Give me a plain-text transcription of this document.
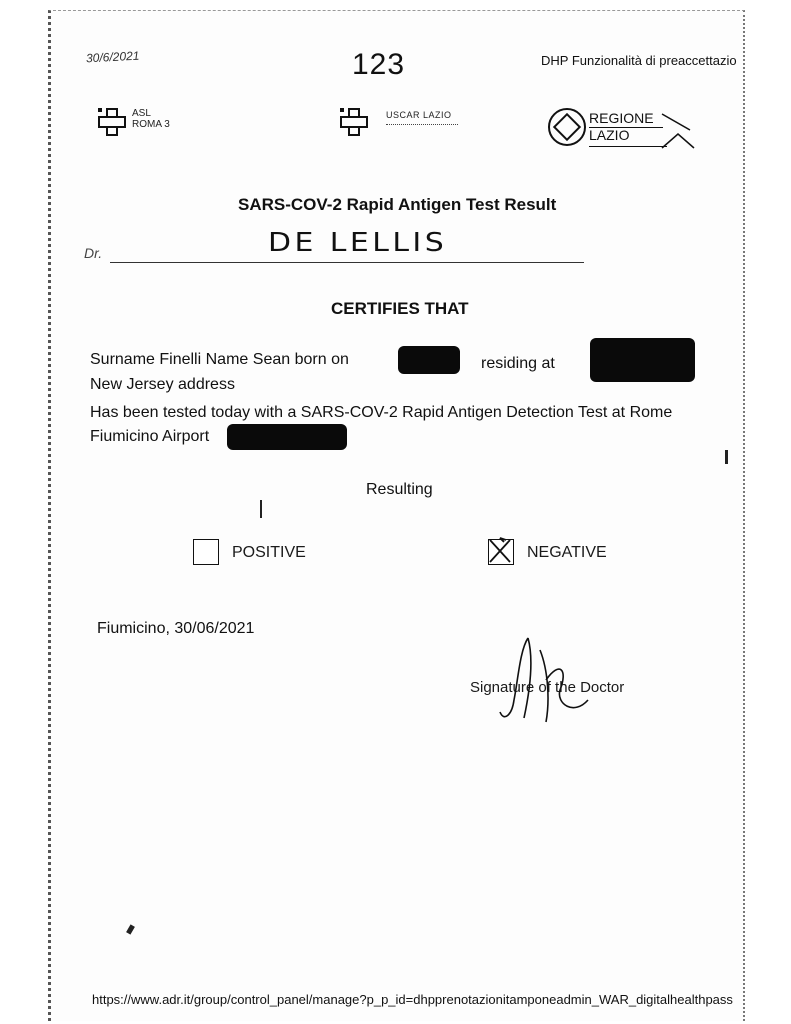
30/6/2021	123	DHP Funzionalità di preaccettazio
ASL
ROMA 3
USCAR LAZIO	REGIONE
LAZIO
SARS-COV-2 Rapid Antigen Test Result
Dr.	DE LELLIS
CERTIFIES THAT
Surname Finelli Name Sean born on	residing at
New Jersey address
Has been tested today with a SARS-COV-2 Rapid Antigen Detection Test at Rome
Fiumicino Airport
Resulting
POSITIVE	NEGATIVE
Fiumicino, 30/06/2021
Signature of the Doctor
https://www.adr.it/group/control_panel/manage?p_p_id=dhpprenotazionitamponeadmin_WAR_digitalhealthpass
